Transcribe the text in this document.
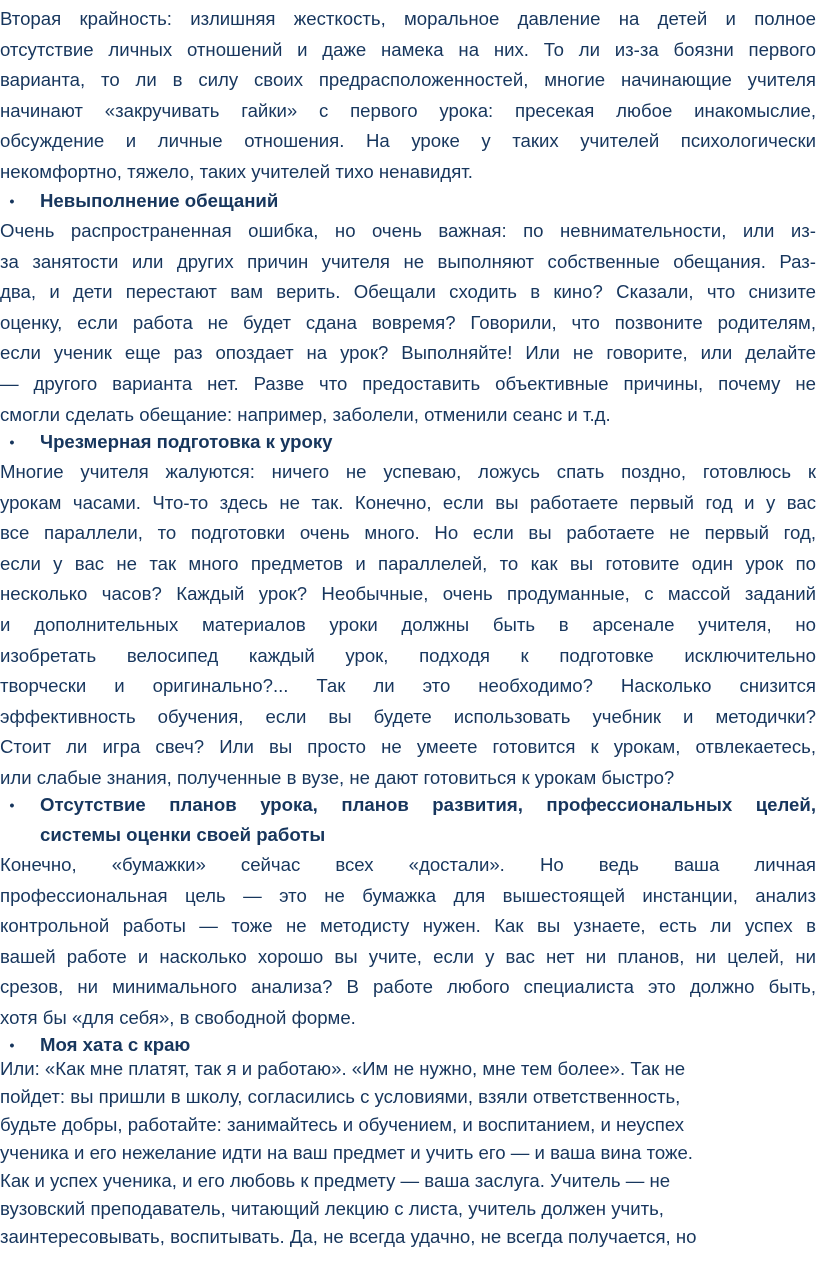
Вторая крайность: излишняя жесткость, моральное давление на детей и полное
отсутствие личных отношений и даже намека на них. То ли из-за боязни первого
варианта, то ли в силу своих предрасположенностей, многие начинающие учителя
начинают «закручивать гайки» с первого урока: пресекая любое инакомыслие,
обсуждение и личные отношения. На уроке у таких учителей психологически
некомфортно, тяжело, таких учителей тихо ненавидят.
•	Невыполнение обещаний
Очень распространенная ошибка, но очень важная: по невнимательности, или из-
за занятости или других причин учителя не выполняют собственные обещания. Раз-
два, и дети перестают вам верить. Обещали сходить в кино? Сказали, что снизите
оценку, если работа не будет сдана вовремя? Говорили, что позвоните родителям,
если ученик еще раз опоздает на урок? Выполняйте! Или не говорите, или делайте
— другого варианта нет. Разве что предоставить объективные причины, почему не
смогли сделать обещание: например, заболели, отменили сеанс и т.д.
•	Чрезмерная подготовка к уроку
Многие учителя жалуются: ничего не успеваю, ложусь спать поздно, готовлюсь к
урокам часами. Что-то здесь не так. Конечно, если вы работаете первый год и у вас
все параллели, то подготовки очень много. Но если вы работаете не первый год,
если у вас не так много предметов и параллелей, то как вы готовите один урок по
несколько часов? Каждый урок? Необычные, очень продуманные, с массой заданий
и дополнительных материалов уроки должны быть в арсенале учителя, но
изобретать велосипед каждый урок, подходя к подготовке исключительно
творчески и оригинально?... Так ли это необходимо? Насколько снизится
эффективность обучения, если вы будете использовать учебник и методички?
Стоит ли игра свеч? Или вы просто не умеете готовится к урокам, отвлекаетесь,
или слабые знания, полученные в вузе, не дают готовиться к урокам быстро?
•	Отсутствие планов урока, планов развития, профессиональных целей,
системы оценки своей работы
Конечно, «бумажки» сейчас всех «достали». Но ведь ваша личная
профессиональная цель — это не бумажка для вышестоящей инстанции, анализ
контрольной работы — тоже не методисту нужен. Как вы узнаете, есть ли успех в
вашей работе и насколько хорошо вы учите, если у вас нет ни планов, ни целей, ни
срезов, ни минимального анализа? В работе любого специалиста это должно быть,
хотя бы «для себя», в свободной форме.
•	Моя хата с краю
Или: «Как мне платят, так я и работаю». «Им не нужно, мне тем более». Так не
пойдет: вы пришли в школу, согласились с условиями, взяли ответственность,
будьте добры, работайте: занимайтесь и обучением, и воспитанием, и неуспех
ученика и его нежелание идти на ваш предмет и учить его — и ваша вина тоже.
Как и успех ученика, и его любовь к предмету — ваша заслуга. Учитель — не
вузовский преподаватель, читающий лекцию с листа, учитель должен учить,
заинтересовывать, воспитывать. Да, не всегда удачно, не всегда получается, но
